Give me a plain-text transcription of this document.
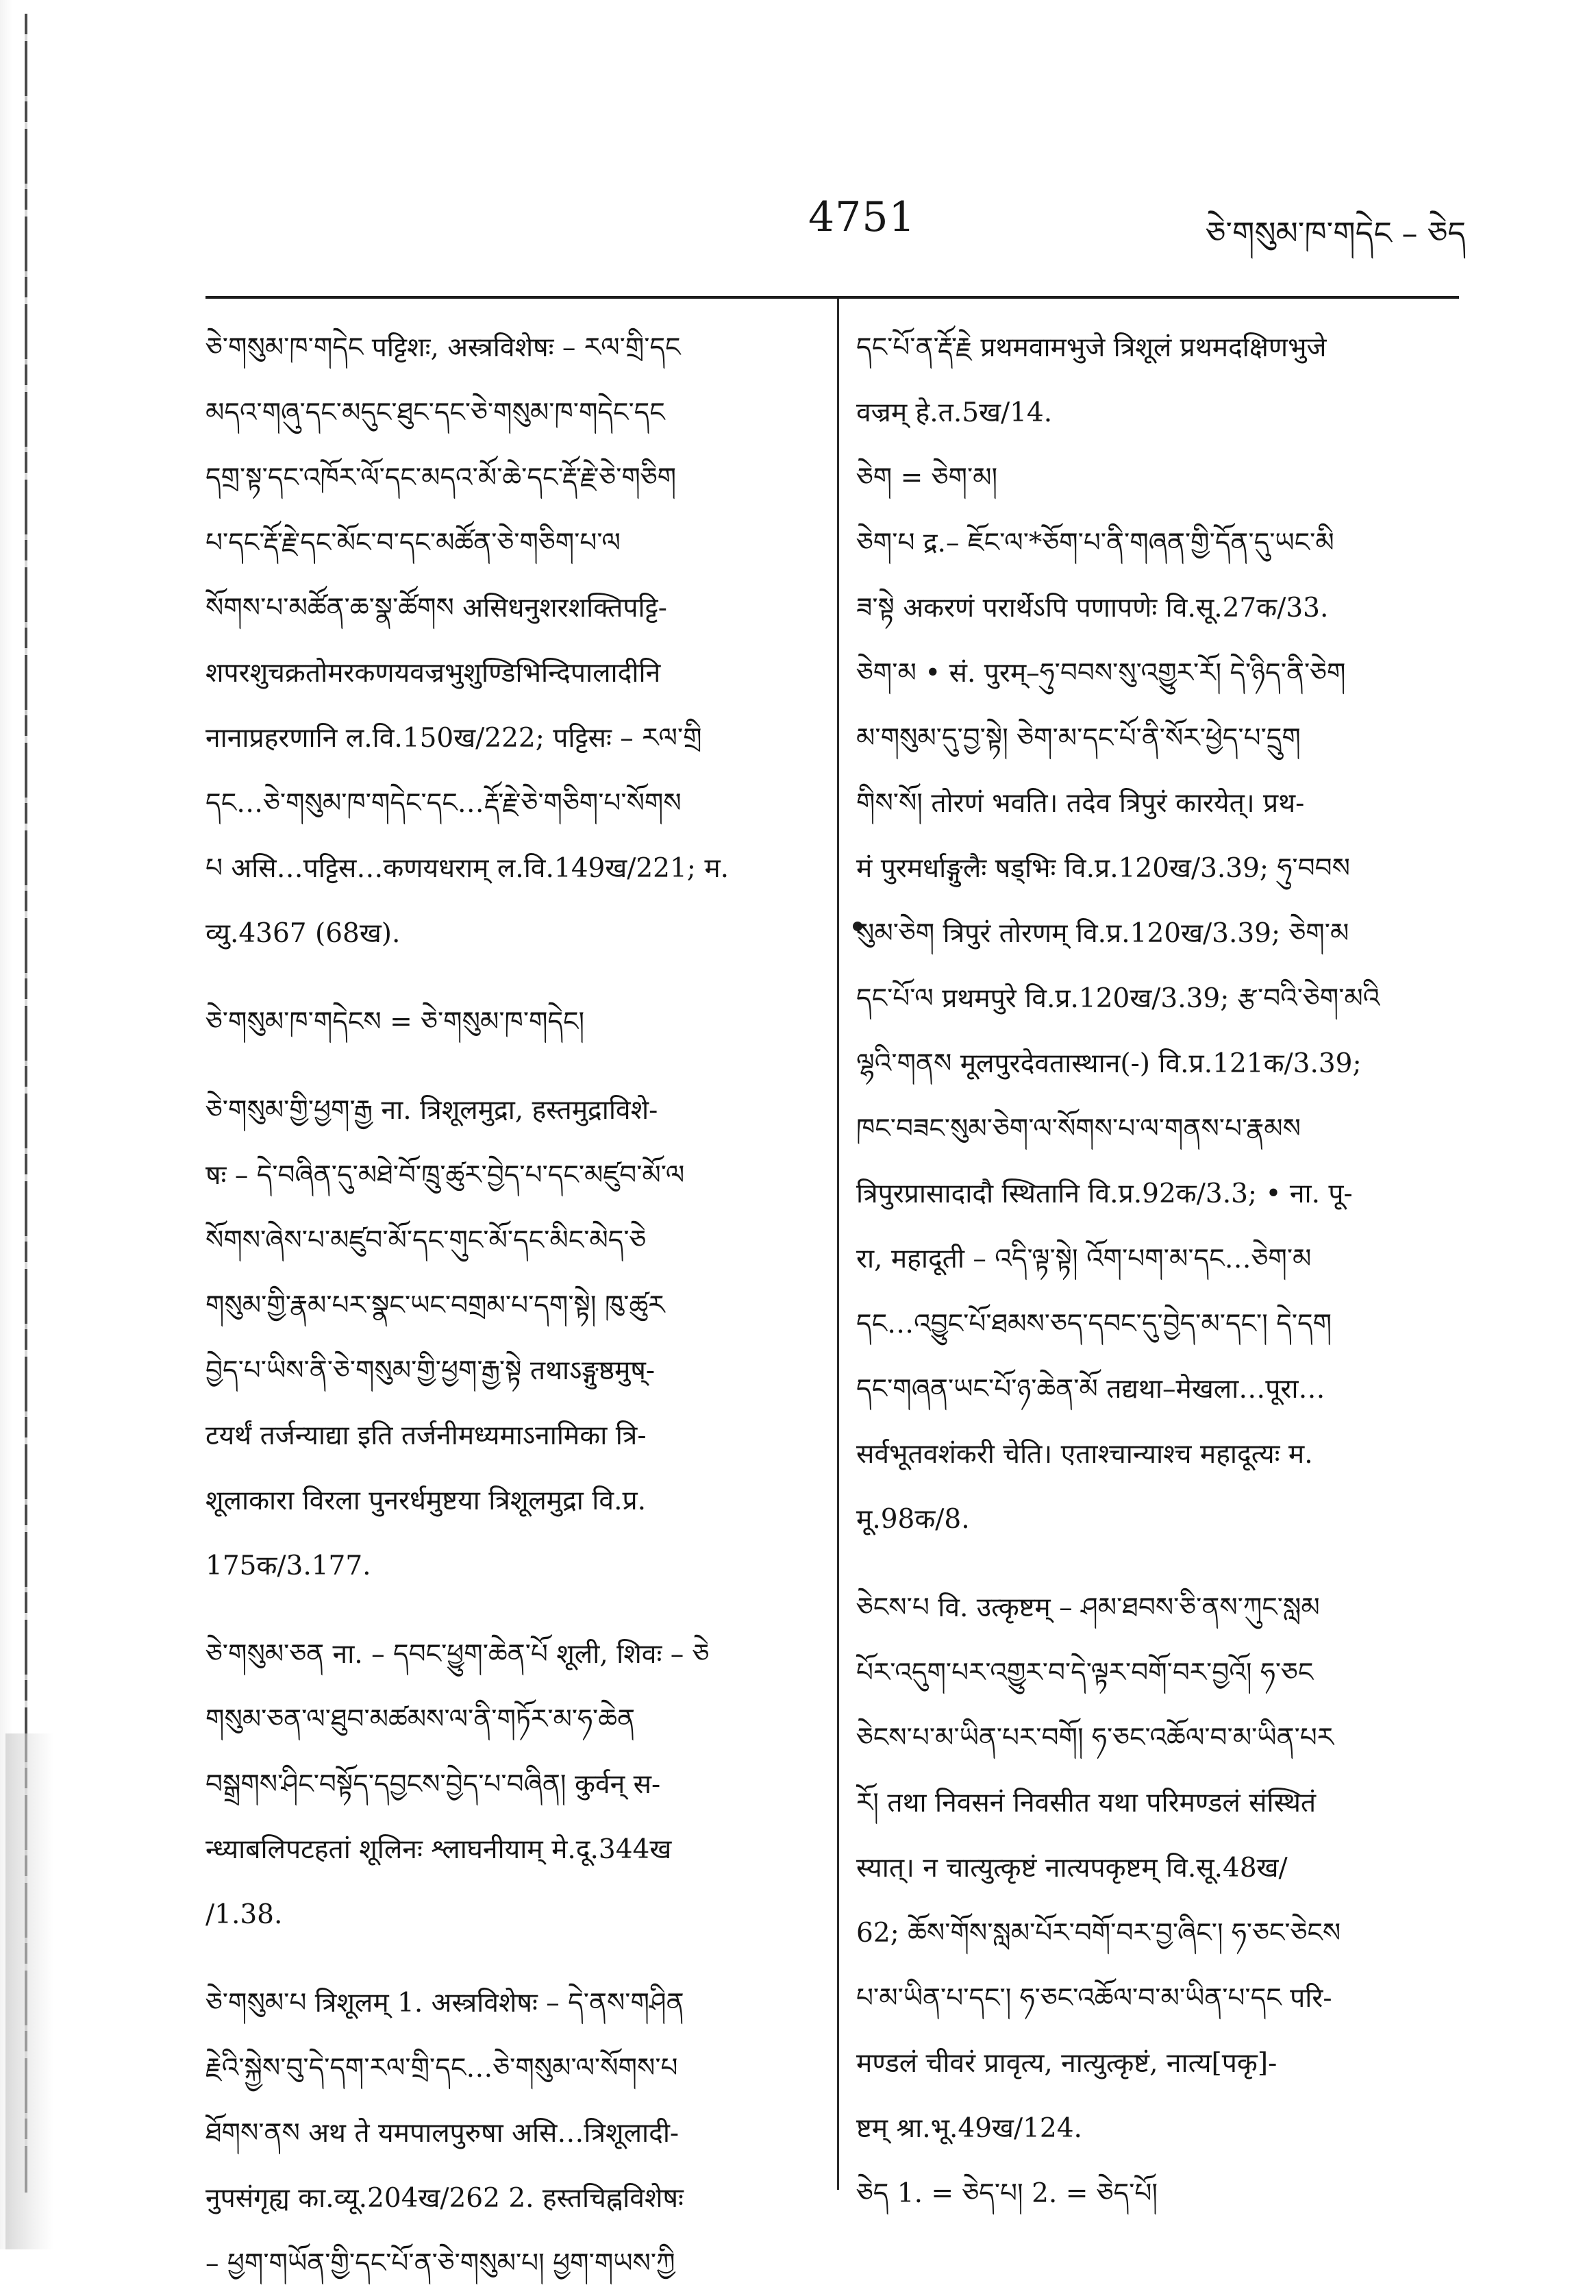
4751	ཅེ་གསུམ་ཁ་གདེང – ཅེད
ཅེ་གསུམ་ཁ་གདེང पट्टिशः, अस्त्रविशेषः – རལ་གྲི་དང
མདའ་གཞུ་དང་མདུང་ཐུང་དང་ཅེ་གསུམ་ཁ་གདེང་དང
དགྲ་སྟ་དང་འཁོར་ལོ་དང་མདའ་མོ་ཆེ་དང་རྡོ་རྗེ་ཅེ་གཅིག
པ་དང་རྡོ་རྗེ་དང་མོང་བ་དང་མཚོན་ཅེ་གཅིག་པ་ལ
སོགས་པ་མཚོན་ཆ་སྣ་ཚོགས असिधनुशरशक्तिपट्टि-
शपरशुचक्रतोमरकणयवज्रभुशुण्डिभिन्दिपालादीनि
नानाप्रहरणानि ल.वि.150ख/222; पट्टिसः – རལ་གྲི
དང…ཅེ་གསུམ་ཁ་གདེང་དང…རྡོ་རྗེ་ཅེ་གཅིག་པ་སོགས
པ असि…पट्टिस…कणयधराम् ल.वि.149ख/221; म.
व्यु.4367 (68ख).
ཅེ་གསུམ་ཁ་གདེངས = ཅེ་གསུམ་ཁ་གདེང།
ཅེ་གསུམ་གྱི་ཕྱག་རྒྱ ना. त्रिशूलमुद्रा, हस्तमुद्राविशे-
षः – དེ་བཞིན་དུ་མཐེ་བོ་ཁྲུ་ཚུར་བྱེད་པ་དང་མཛུབ་མོ་ལ
སོགས་ཞེས་པ་མཛུབ་མོ་དང་གུང་མོ་དང་མིང་མེད་ཅེ
གསུམ་གྱི་རྣམ་པར་སྣང་ཡང་བགྲམ་པ་དག་སྟེ། ཁུ་ཚུར
བྱེད་པ་ཡིས་ནི་ཅེ་གསུམ་གྱི་ཕྱག་རྒྱ་སྟེ तथाऽङ्गुष्ठमुष्-
टयर्थं तर्जन्याद्या इति तर्जनीमध्यमाऽनामिका त्रि-
शूलाकारा विरला पुनरर्धमुष्टया त्रिशूलमुद्रा वि.प्र.
175क/3.177.
ཅེ་གསུམ་ཅན ना. – དབང་ཕྱུག་ཆེན་པོ शूली, शिवः – ཅེ
གསུམ་ཅན་ལ་ཐུབ་མཚམས་ལ་ནི་གཏོར་མ་ཧ་ཆེན
བསྒྲགས་ཤིང་བསྟོད་དབྱངས་བྱེད་པ་བཞིན། कुर्वन् स-
न्ध्याबलिपटहतां शूलिनः श्लाघनीयाम् मे.दू.344ख
/1.38.
ཅེ་གསུམ་པ त्रिशूलम् 1. अस्त्रविशेषः – དེ་ནས་གཤིན
རྗེའི་སྐྱེས་བུ་དེ་དག་རལ་གྲི་དང…ཅེ་གསུམ་ལ་སོགས་པ
ཐོགས་ནས अथ ते यमपालपुरुषा असि…त्रिशूलादी-
नुपसंगृह्य का.व्यू.204ख/262 2. हस्तचिह्नविशेषः
– ཕྱག་གཡོན་གྱི་དང་པོ་ན་ཅེ་གསུམ་པ། ཕྱག་གཡས་ཀྱི
དང་པོ་ན་རྡོ་རྗེ प्रथमवामभुजे त्रिशूलं प्रथमदक्षिणभुजे
वज्रम् हे.त.5ख/14.
ཅེག = ཅེག་མ།
ཅེག་པ द्र.– ཇོང་ལ་*ཅོག་པ་ནི་གཞན་གྱི་དོན་དུ་ཡང་མི
ཟ་སྟེ अकरणं परार्थेऽपि पणापणेः वि.सू.27क/33.
ཅེག་མ • सं. पुरम्–ཧུ་བབས་སུ་འགྱུར་རོ། དེ་ཉིད་ནི་ཅེག
མ་གསུམ་དུ་བྱ་སྟེ། ཅེག་མ་དང་པོ་ནི་སོར་ཕྱེད་པ་དྲུག
གིས་སོ། तोरणं भवति। तदेव त्रिपुरं कारयेत्। प्रथ-
मं पुरमर्धाङ्गुलैः षड्भिः वि.प्र.120ख/3.39; ཧུ་བབས
སུམ་ཅེག त्रिपुरं तोरणम् वि.प्र.120ख/3.39; ཅེག་མ
དང་པོ་ལ प्रथमपुरे वि.प्र.120ख/3.39; རྩ་བའི་ཅེག་མའི
ལྷའི་གནས मूलपुरदेवतास्थान(-) वि.प्र.121क/3.39;
ཁང་བཟང་སུམ་ཅེག་ལ་སོགས་པ་ལ་གནས་པ་རྣམས
त्रिपुरप्रासादादौ स्थितानि वि.प्र.92क/3.3; • ना. पू-
रा, महादूती – འདི་ལྟ་སྟེ། འོག་པག་མ་དང…ཅེག་མ
དང…འབྱུང་པོ་ཐམས་ཅད་དབང་དུ་བྱེད་མ་དང་། དེ་དག
དང་གཞན་ཡང་པོ་ཉ་ཆེན་མོ तद्यथा–मेखला…पूरा…
सर्वभूतवशंकरी चेति। एताश्चान्याश्च महादूत्यः म.
मू.98क/8.
ཅེངས་པ वि. उत्कृष्टम् – ཤམ་ཐབས་ཅི་ནས་ཀུང་སླམ
པོར་འདུག་པར་འགྱུར་བ་དེ་ལྟར་བགོ་བར་བྱའོ། ཧ་ཅང
ཅེངས་པ་མ་ཡིན་པར་བགོ། ཧ་ཅང་འཆོལ་བ་མ་ཡིན་པར
རོ། तथा निवसनं निवसीत यथा परिमण्डलं संस्थितं
स्यात्। न चात्युत्कृष्टं नात्यपकृष्टम् वि.सू.48ख/
62; ཆོས་གོས་སླམ་པོར་བགོ་བར་བྱ་ཞིང་། ཧ་ཅང་ཅེངས
པ་མ་ཡིན་པ་དང་། ཧ་ཅང་འཆོལ་བ་མ་ཡིན་པ་དང परि-
मण्डलं चीवरं प्रावृत्य, नात्युत्कृष्टं, नात्य[पकृ]-
ष्टम् श्रा.भू.49ख/124.
ཅེད 1. = ཅེད་པ། 2. = ཅེད་པོ།
